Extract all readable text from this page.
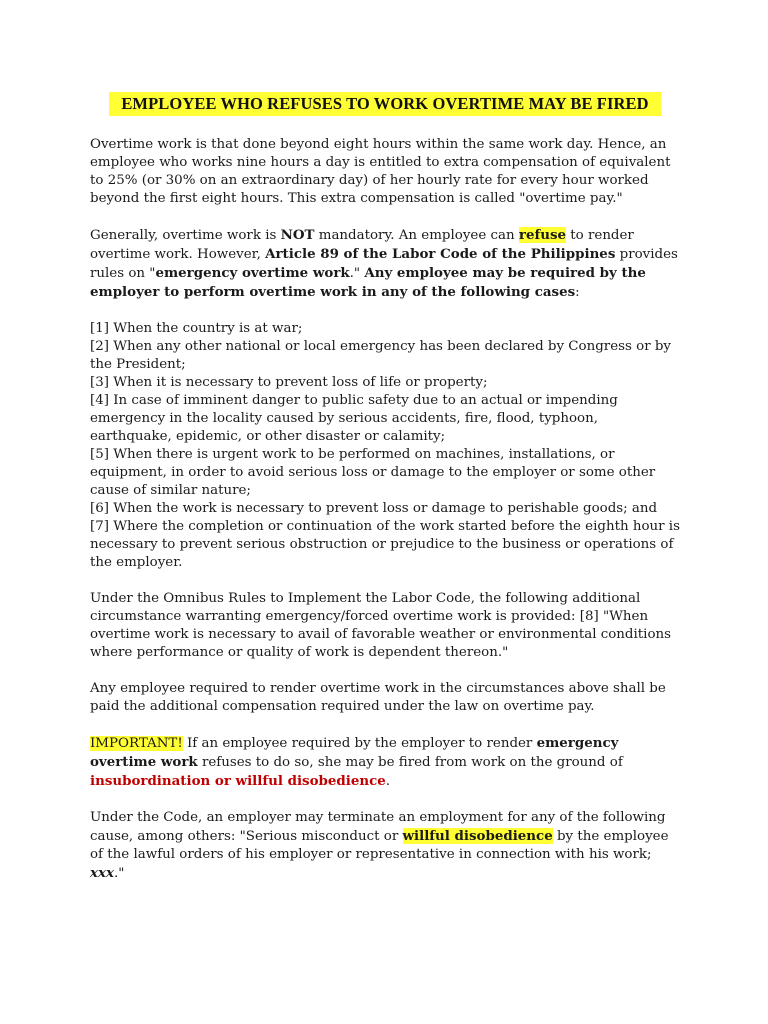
EMPLOYEE WHO REFUSES TO WORK OVERTIME MAY BE FIRED

Overtime work is that done beyond eight hours within the same work day. Hence, an employee who works nine hours a day is entitled to extra compensation of equivalent to 25% (or 30% on an extraordinary day) of her hourly rate for every hour worked beyond the first eight hours. This extra compensation is called "overtime pay."

Generally, overtime work is NOT mandatory. An employee can refuse to render overtime work. However, Article 89 of the Labor Code of the Philippines provides rules on "emergency overtime work." Any employee may be required by the employer to perform overtime work in any of the following cases:

[1] When the country is at war;
[2] When any other national or local emergency has been declared by Congress or by the President;
[3] When it is necessary to prevent loss of life or property;
[4] In case of imminent danger to public safety due to an actual or impending emergency in the locality caused by serious accidents, fire, flood, typhoon, earthquake, epidemic, or other disaster or calamity;
[5] When there is urgent work to be performed on machines, installations, or equipment, in order to avoid serious loss or damage to the employer or some other cause of similar nature;
[6] When the work is necessary to prevent loss or damage to perishable goods; and
[7] Where the completion or continuation of the work started before the eighth hour is necessary to prevent serious obstruction or prejudice to the business or operations of the employer.

Under the Omnibus Rules to Implement the Labor Code, the following additional circumstance warranting emergency/forced overtime work is provided: [8] "When overtime work is necessary to avail of favorable weather or environmental conditions where performance or quality of work is dependent thereon."

Any employee required to render overtime work in the circumstances above shall be paid the additional compensation required under the law on overtime pay.

IMPORTANT! If an employee required by the employer to render emergency overtime work refuses to do so, she may be fired from work on the ground of insubordination or willful disobedience.

Under the Code, an employer may terminate an employment for any of the following cause, among others: "Serious misconduct or willful disobedience by the employee of the lawful orders of his employer or representative in connection with his work; xxx."
